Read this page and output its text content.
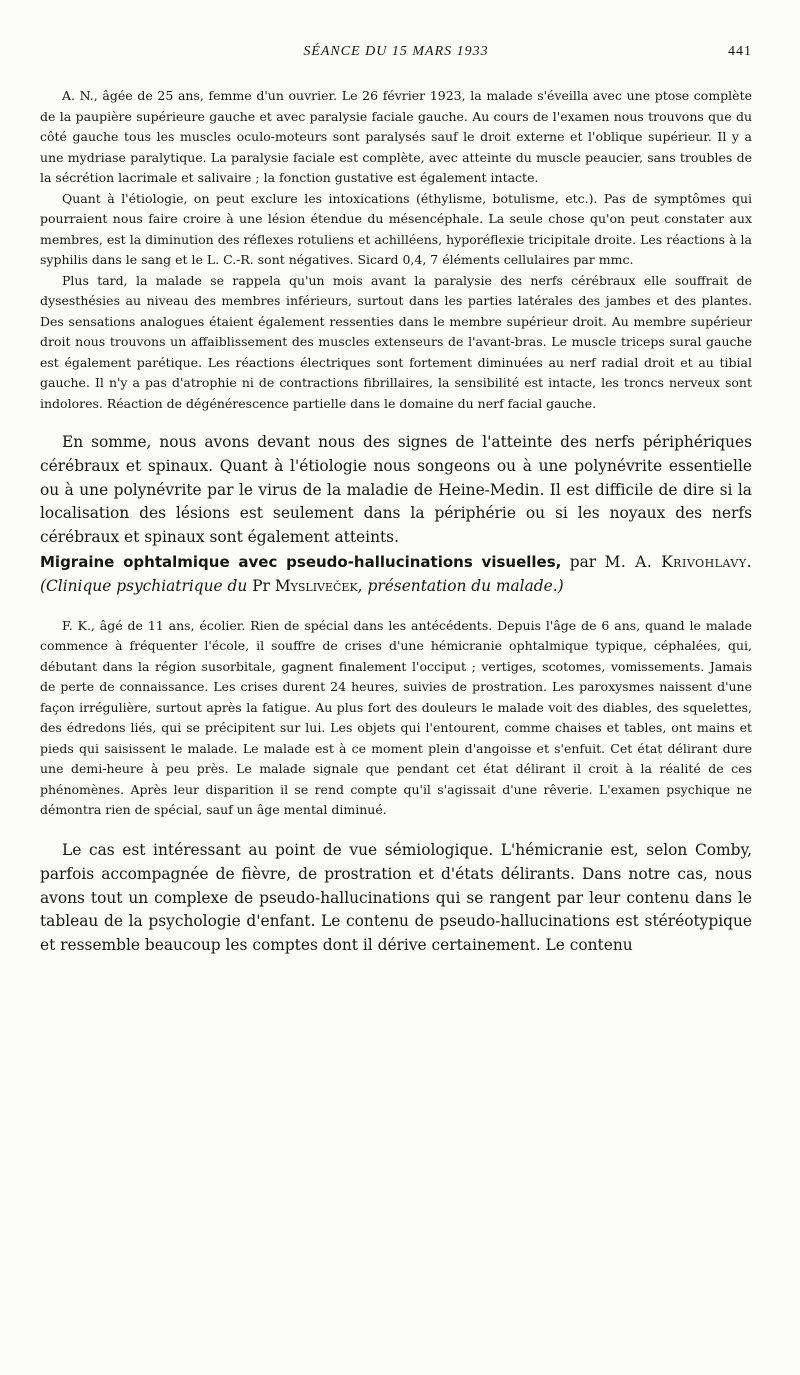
SÉANCE DU 15 MARS 1933	441

A. N., âgée de 25 ans, femme d'un ouvrier. Le 26 février 1923, la malade s'éveilla avec une ptose complète de la paupière supérieure gauche et avec paralysie faciale gauche. Au cours de l'examen nous trouvons que du côté gauche tous les muscles oculo-moteurs sont paralysés sauf le droit externe et l'oblique supérieur. Il y a une mydriase paralytique. La paralysie faciale est complète, avec atteinte du muscle peaucier, sans troubles de la sécrétion lacrimale et salivaire ; la fonction gustative est également intacte.

Quant à l'étiologie, on peut exclure les intoxications (éthylisme, botulisme, etc.). Pas de symptômes qui pourraient nous faire croire à une lésion étendue du mésencéphale. La seule chose qu'on peut constater aux membres, est la diminution des réflexes rotuliens et achilléens, hyporéflexie tricipitale droite. Les réactions à la syphilis dans le sang et le L. C.-R. sont négatives. Sicard 0,4, 7 éléments cellulaires par mmc.

Plus tard, la malade se rappela qu'un mois avant la paralysie des nerfs cérébraux elle souffrait de dysesthésies au niveau des membres inférieurs, surtout dans les parties latérales des jambes et des plantes. Des sensations analogues étaient également ressenties dans le membre supérieur droit. Au membre supérieur droit nous trouvons un affaiblissement des muscles extenseurs de l'avant-bras. Le muscle triceps sural gauche est également parétique. Les réactions électriques sont fortement diminuées au nerf radial droit et au tibial gauche. Il n'y a pas d'atrophie ni de contractions fibrillaires, la sensibilité est intacte, les troncs nerveux sont indolores. Réaction de dégénérescence partielle dans le domaine du nerf facial gauche.

En somme, nous avons devant nous des signes de l'atteinte des nerfs périphériques cérébraux et spinaux. Quant à l'étiologie nous songeons ou à une polynévrite essentielle ou à une polynévrite par le virus de la maladie de Heine-Medin. Il est difficile de dire si la localisation des lésions est seulement dans la périphérie ou si les noyaux des nerfs cérébraux et spinaux sont également atteints.

Migraine ophtalmique avec pseudo-hallucinations visuelles, par M. A. Krivohlavy. (Clinique psychiatrique du Pr Mysliveček, présentation du malade.)

F. K., âgé de 11 ans, écolier. Rien de spécial dans les antécédents. Depuis l'âge de 6 ans, quand le malade commence à fréquenter l'école, il souffre de crises d'une hémicranie ophtalmique typique, céphalées, qui, débutant dans la région susorbitale, gagnent finalement l'occiput ; vertiges, scotomes, vomissements. Jamais de perte de connaissance. Les crises durent 24 heures, suivies de prostration. Les paroxysmes naissent d'une façon irrégulière, surtout après la fatigue. Au plus fort des douleurs le malade voit des diables, des squelettes, des édredons liés, qui se précipitent sur lui. Les objets qui l'entourent, comme chaises et tables, ont mains et pieds qui saisissent le malade. Le malade est à ce moment plein d'angoisse et s'enfuit. Cet état délirant dure une demi-heure à peu près. Le malade signale que pendant cet état délirant il croit à la réalité de ces phénomènes. Après leur disparition il se rend compte qu'il s'agissait d'une rêverie. L'examen psychique ne démontra rien de spécial, sauf un âge mental diminué.

Le cas est intéressant au point de vue sémiologique. L'hémicranie est, selon Comby, parfois accompagnée de fièvre, de prostration et d'états délirants. Dans notre cas, nous avons tout un complexe de pseudo-hallucinations qui se rangent par leur contenu dans le tableau de la psychologie d'enfant. Le contenu de pseudo-hallucinations est stéréotypique et ressemble beaucoup les comptes dont il dérive certainement. Le contenu
